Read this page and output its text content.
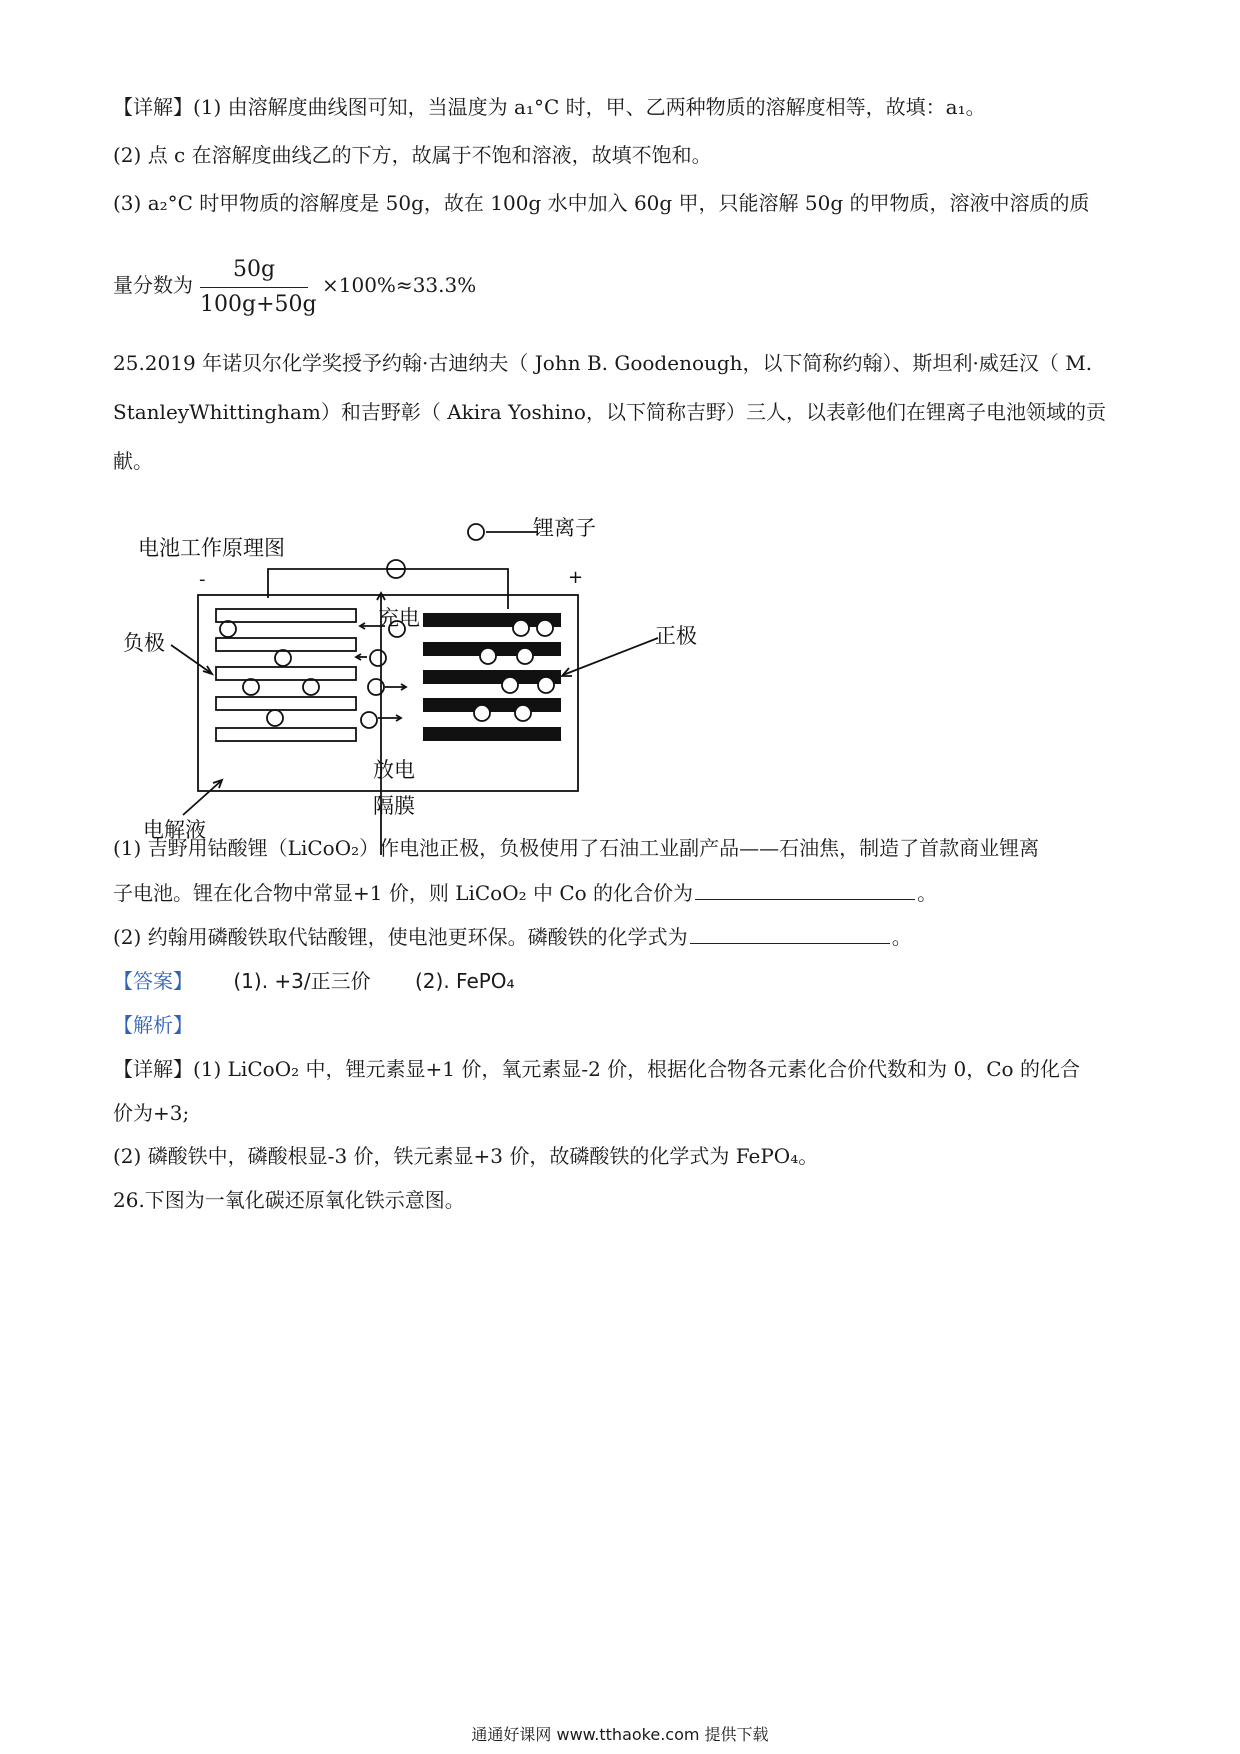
【详解】(1) 由溶解度曲线图可知，当温度为 a₁°C 时，甲、乙两种物质的溶解度相等，故填：a₁。
(2) 点 c 在溶解度曲线乙的下方，故属于不饱和溶液，故填不饱和。
(3) a₂°C 时甲物质的溶解度是 50g，故在 100g 水中加入 60g 甲，只能溶解 50g 的甲物质，溶液中溶质的质
量分数为
50g
100g+50g
×100%≈33.3%
25.2019 年诺贝尔化学奖授予约翰·古迪纳夫（ John B. Goodenough，以下简称约翰）、斯坦利·威廷汉（ M.
StanleyWhittingham）和吉野彰（ Akira Yoshino，以下简称吉野）三人，以表彰他们在锂离子电池领域的贡
献。
电池工作原理图
-	+
锂离子
充电
放电
负极	正极
电解液
隔膜
(1) 吉野用钴酸锂（LiCoO₂）作电池正极，负极使用了石油工业副产品——石油焦，制造了首款商业锂离
子电池。锂在化合物中常显+1 价，则 LiCoO₂ 中 Co 的化合价为	。
(2) 约翰用磷酸铁取代钴酸锂，使电池更环保。磷酸铁的化学式为	。
【答案】 (1). +3/正三价 (2). FePO₄
【解析】
【详解】(1) LiCoO₂ 中，锂元素显+1 价，氧元素显-2 价，根据化合物各元素化合价代数和为 0，Co 的化合
价为+3;
(2) 磷酸铁中，磷酸根显-3 价，铁元素显+3 价，故磷酸铁的化学式为 FePO₄。
26.下图为一氧化碳还原氧化铁示意图。
通通好课网 www.tthaoke.com 提供下载
